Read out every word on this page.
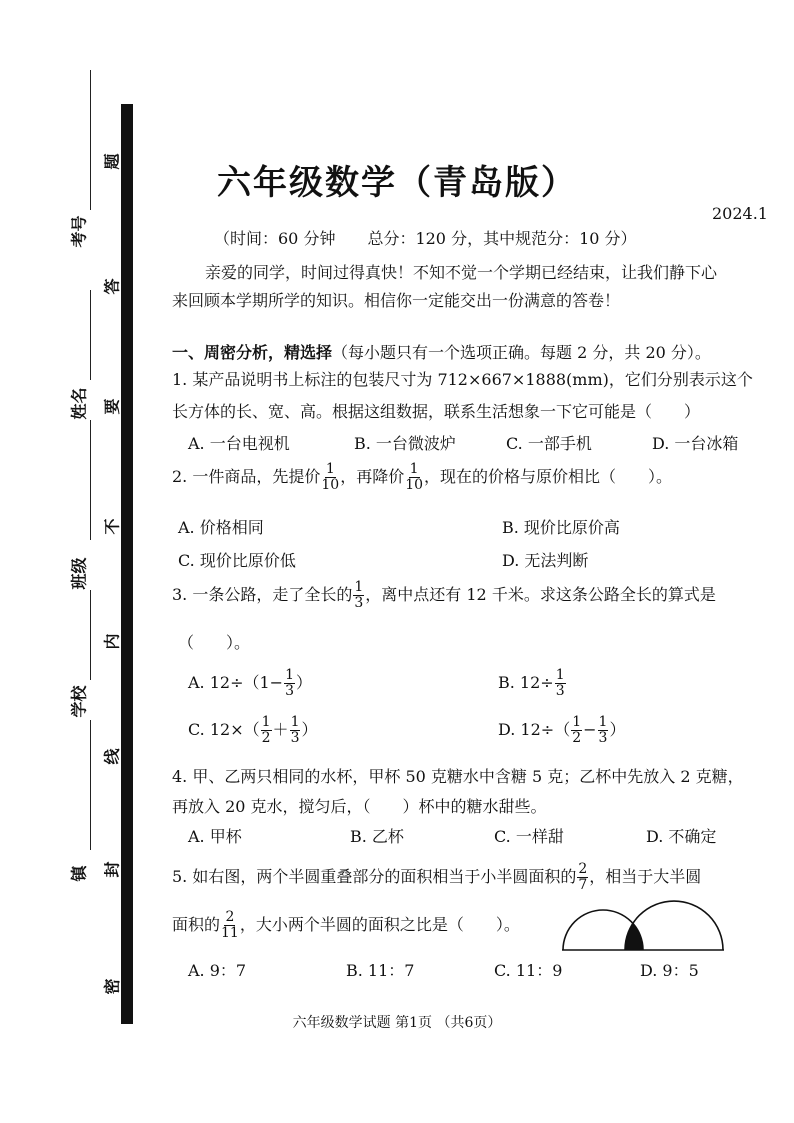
考号
姓名
班级
学校
镇
题
答
要
不
内
线
封
密
六年级数学（青岛版）
2024.1
（时间：60 分钟　　总分：120 分，其中规范分：10 分）
亲爱的同学，时间过得真快！不知不觉一个学期已经结束，让我们静下心
来回顾本学期所学的知识。相信你一定能交出一份满意的答卷！
一、周密分析，精选择（每小题只有一个选项正确。每题 2 分，共 20 分）。
1. 某产品说明书上标注的包装尺寸为 712×667×1888(mm)，它们分别表示这个
长方体的长、宽、高。根据这组数据，联系生活想象一下它可能是（　　）
A. 一台电视机	B. 一台微波炉	C. 一部手机	D. 一台冰箱
2. 一件商品，先提价 $\frac{1}{10}$ ，再降价 $\frac{1}{10}$ ，现在的价格与原价相比（　　）。
A. 价格相同	B. 现价比原价高
C. 现价比原价低	D. 无法判断
3. 一条公路，走了全长的 $\frac{1}{3}$ ，离中点还有 12 千米。求这条公路全长的算式是
（　　）。
A. $12\div(1- \frac{1}{3}$ ）	B. $12\div \frac{1}{3}$
C. $12\times( \frac{1}{2} + \frac{1}{3}$ ）	D. $12\div( \frac{1}{2} - \frac{1}{3}$ ）
4. 甲、乙两只相同的水杯，甲杯 50 克糖水中含糖 5 克；乙杯中先放入 2 克糖，
再放入 20 克水，搅匀后，（　　）杯中的糖水甜些。
A. 甲杯	B. 乙杯	C. 一样甜	D. 不确定
5. 如右图，两个半圆重叠部分的面积相当于小半圆面积的 $\frac{2}{7}$ ，相当于大半圆
面积的 $\frac{2}{11}$ ，大小两个半圆的面积之比是（　　）。
A. 9：7	B. 11：7	C. 11：9	D. 9：5
六年级数学试题 第1页 （共6页）
